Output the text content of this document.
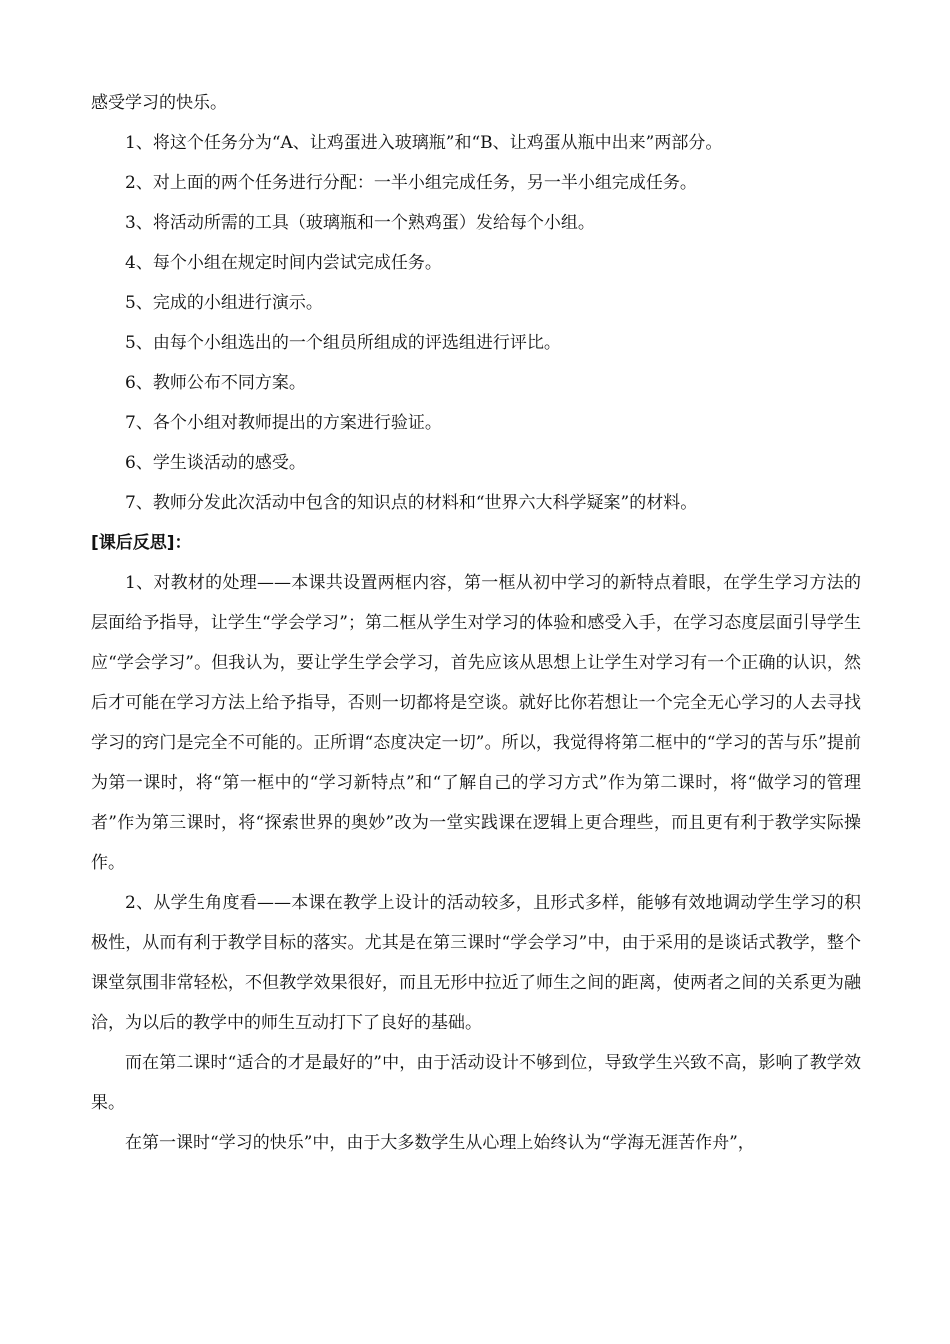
感受学习的快乐。
1、将这个任务分为“A、让鸡蛋进入玻璃瓶”和“B、让鸡蛋从瓶中出来”两部分。
2、对上面的两个任务进行分配：一半小组完成任务，另一半小组完成任务。
3、将活动所需的工具（玻璃瓶和一个熟鸡蛋）发给每个小组。
4、每个小组在规定时间内尝试完成任务。
5、完成的小组进行演示。
5、由每个小组选出的一个组员所组成的评选组进行评比。
6、教师公布不同方案。
7、各个小组对教师提出的方案进行验证。
6、学生谈活动的感受。
7、教师分发此次活动中包含的知识点的材料和“世界六大科学疑案”的材料。
[课后反思]：

1、对教材的处理——本课共设置两框内容，第一框从初中学习的新特点着眼，在学生学习方法的层面给予指导，让学生“学会学习”；第二框从学生对学习的体验和感受入手，在学习态度层面引导学生应“学会学习”。但我认为，要让学生学会学习，首先应该从思想上让学生对学习有一个正确的认识，然后才可能在学习方法上给予指导，否则一切都将是空谈。就好比你若想让一个完全无心学习的人去寻找学习的窍门是完全不可能的。正所谓“态度决定一切”。所以，我觉得将第二框中的“学习的苦与乐”提前为第一课时，将“第一框中的“学习新特点”和“了解自己的学习方式”作为第二课时，将“做学习的管理者”作为第三课时，将“探索世界的奥妙”改为一堂实践课在逻辑上更合理些，而且更有利于教学实际操作。

2、从学生角度看——本课在教学上设计的活动较多，且形式多样，能够有效地调动学生学习的积极性，从而有利于教学目标的落实。尤其是在第三课时“学会学习”中，由于采用的是谈话式教学，整个课堂氛围非常轻松，不但教学效果很好，而且无形中拉近了师生之间的距离，使两者之间的关系更为融洽，为以后的教学中的师生互动打下了良好的基础。

而在第二课时“适合的才是最好的”中，由于活动设计不够到位，导致学生兴致不高，影响了教学效果。

在第一课时“学习的快乐”中，由于大多数学生从心理上始终认为“学海无涯苦作舟”，
